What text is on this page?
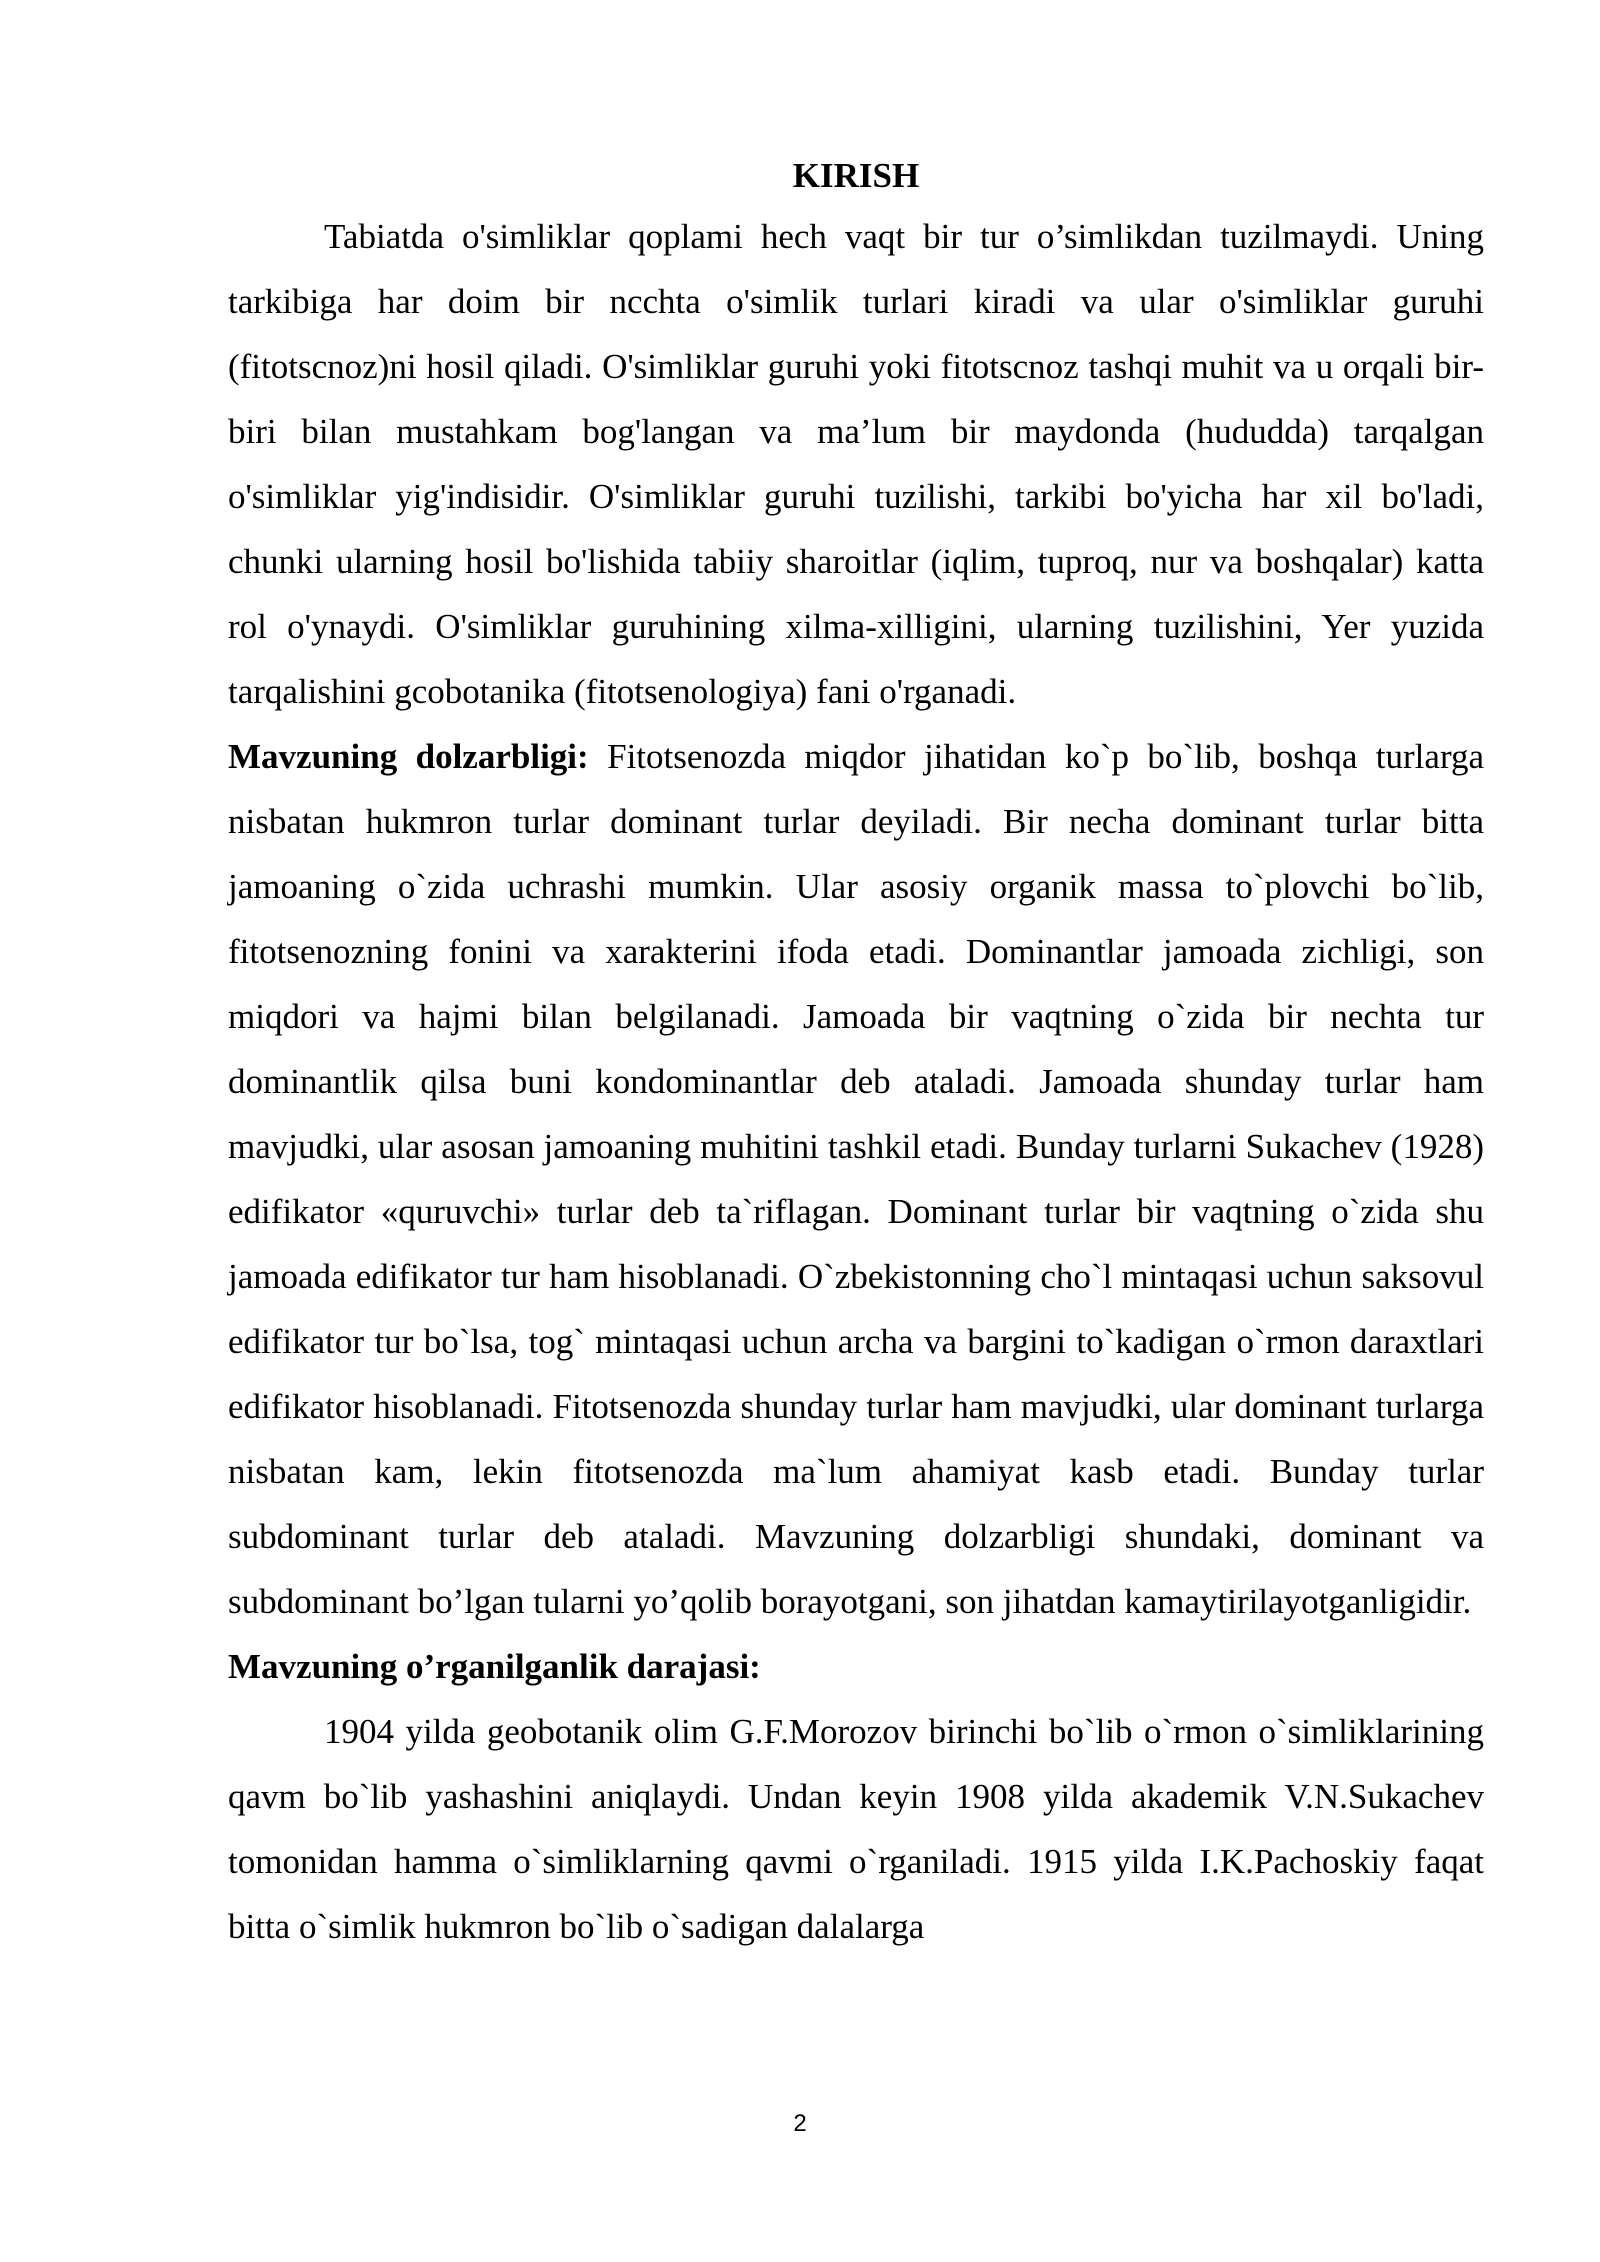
KIRISH

Tabiatda o'simliklar qoplami hech vaqt bir tur o’simlikdan tuzilmaydi. Uning tarkibiga har doim bir ncchta o'simlik turlari kiradi va ular o'simliklar guruhi (fitotscnoz)ni hosil qiladi. O'simliklar guruhi yoki fitotscnoz tashqi muhit va u orqali bir-biri bilan mustahkam bog'langan va ma’lum bir maydonda (hududda) tarqalgan o'simliklar yig'indisidir. O'simliklar guruhi tuzilishi, tarkibi bo'yicha har xil bo'ladi, chunki ularning hosil bo'lishida tabiiy sharoitlar (iqlim, tuproq, nur va boshqalar) katta rol o'ynaydi. O'simliklar guruhining xilma-xilligini, ularning tuzilishini, Yer yuzida tarqalishini gcobotanika (fitotsenologiya) fani o'rganadi.

Mavzuning dolzarbligi: Fitotsenozda miqdor jihatidan ko`p bo`lib, boshqa turlarga nisbatan hukmron turlar dominant turlar deyiladi. Bir necha dominant turlar bitta jamoaning o`zida uchrashi mumkin. Ular asosiy organik massa to`plovchi bo`lib, fitotsenozning fonini va xarakterini ifoda etadi. Dominantlar jamoada zichligi, son miqdori va hajmi bilan belgilanadi. Jamoada bir vaqtning o`zida bir nechta tur dominantlik qilsa buni kondominantlar deb ataladi. Jamoada shunday turlar ham mavjudki, ular asosan jamoaning muhitini tashkil etadi. Bunday turlarni Sukachev (1928) edifikator «quruvchi» turlar deb ta`riflagan. Dominant turlar bir vaqtning o`zida shu jamoada edifikator tur ham hisoblanadi. O`zbekistonning cho`l mintaqasi uchun saksovul edifikator tur bo`lsa, tog` mintaqasi uchun archa va bargini to`kadigan o`rmon daraxtlari edifikator hisoblanadi. Fitotsenozda shunday turlar ham mavjudki, ular dominant turlarga nisbatan kam, lekin fitotsenozda ma`lum ahamiyat kasb etadi. Bunday turlar subdominant turlar deb ataladi. Mavzuning dolzarbligi shundaki, dominant va subdominant bo’lgan tularni yo’qolib borayotgani, son jihatdan kamaytirilayotganligidir.

Mavzuning o’rganilganlik darajasi:

1904 yilda geobotanik olim G.F.Morozov birinchi bo`lib o`rmon o`simliklarining qavm bo`lib yashashini aniqlaydi. Undan keyin 1908 yilda akademik V.N.Sukachev tomonidan hamma o`simliklarning qavmi o`rganiladi. 1915 yilda I.K.Pachoskiy faqat bitta o`simlik hukmron bo`lib o`sadigan dalalarga

2
